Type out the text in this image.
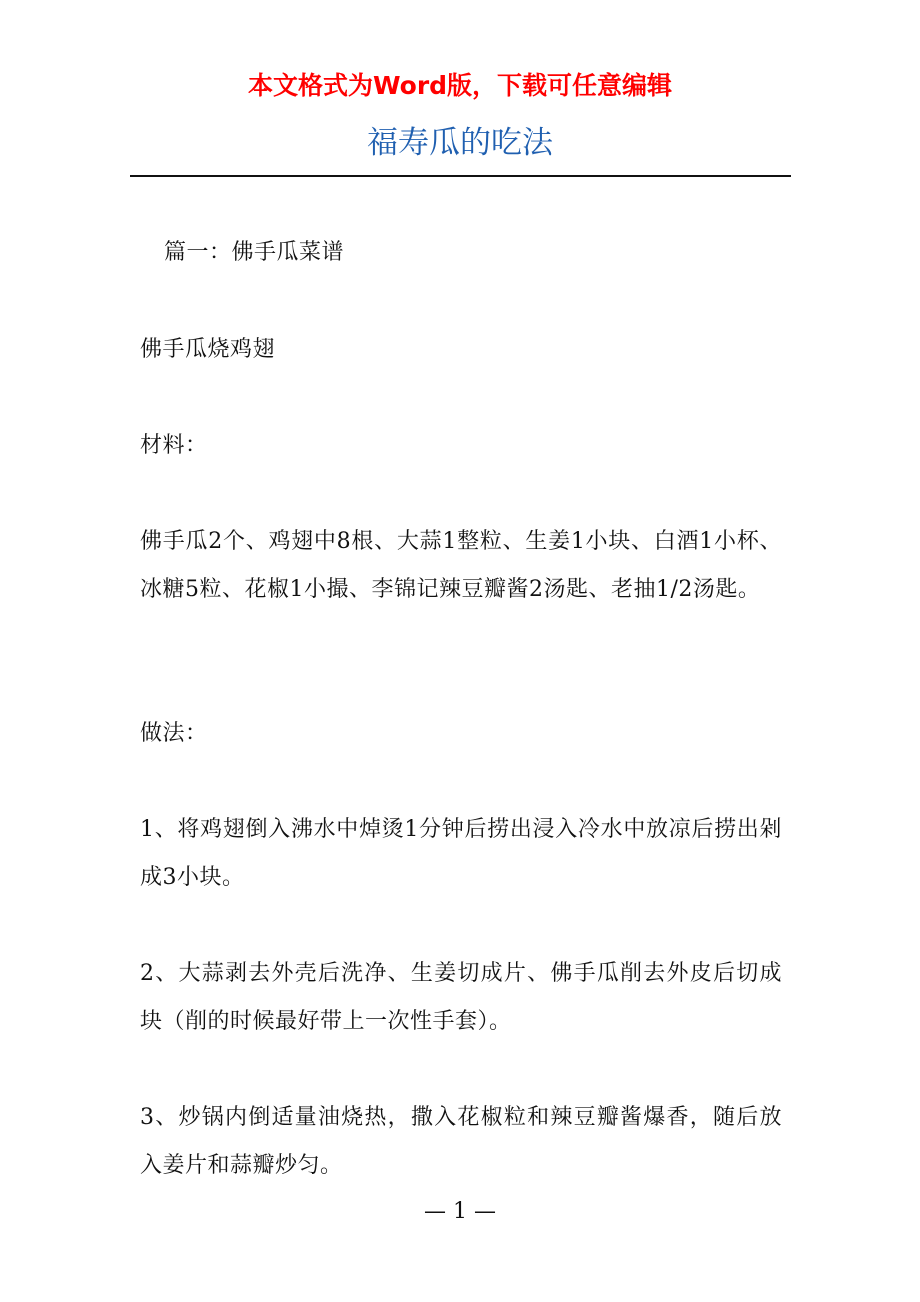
本文格式为Word版，下载可任意编辑
福寿瓜的吃法

篇一：佛手瓜菜谱

佛手瓜烧鸡翅

材料：

佛手瓜2个、鸡翅中8根、大蒜1整粒、生姜1小块、白酒1小杯、冰糖5粒、花椒1小撮、李锦记辣豆瓣酱2汤匙、老抽1/2汤匙。

做法：

1、将鸡翅倒入沸水中焯烫1分钟后捞出浸入冷水中放凉后捞出剁成3小块。

2、大蒜剥去外壳后洗净、生姜切成片、佛手瓜削去外皮后切成块（削的时候最好带上一次性手套）。

3、炒锅内倒适量油烧热，撒入花椒粒和辣豆瓣酱爆香，随后放入姜片和蒜瓣炒匀。

— 1 —
